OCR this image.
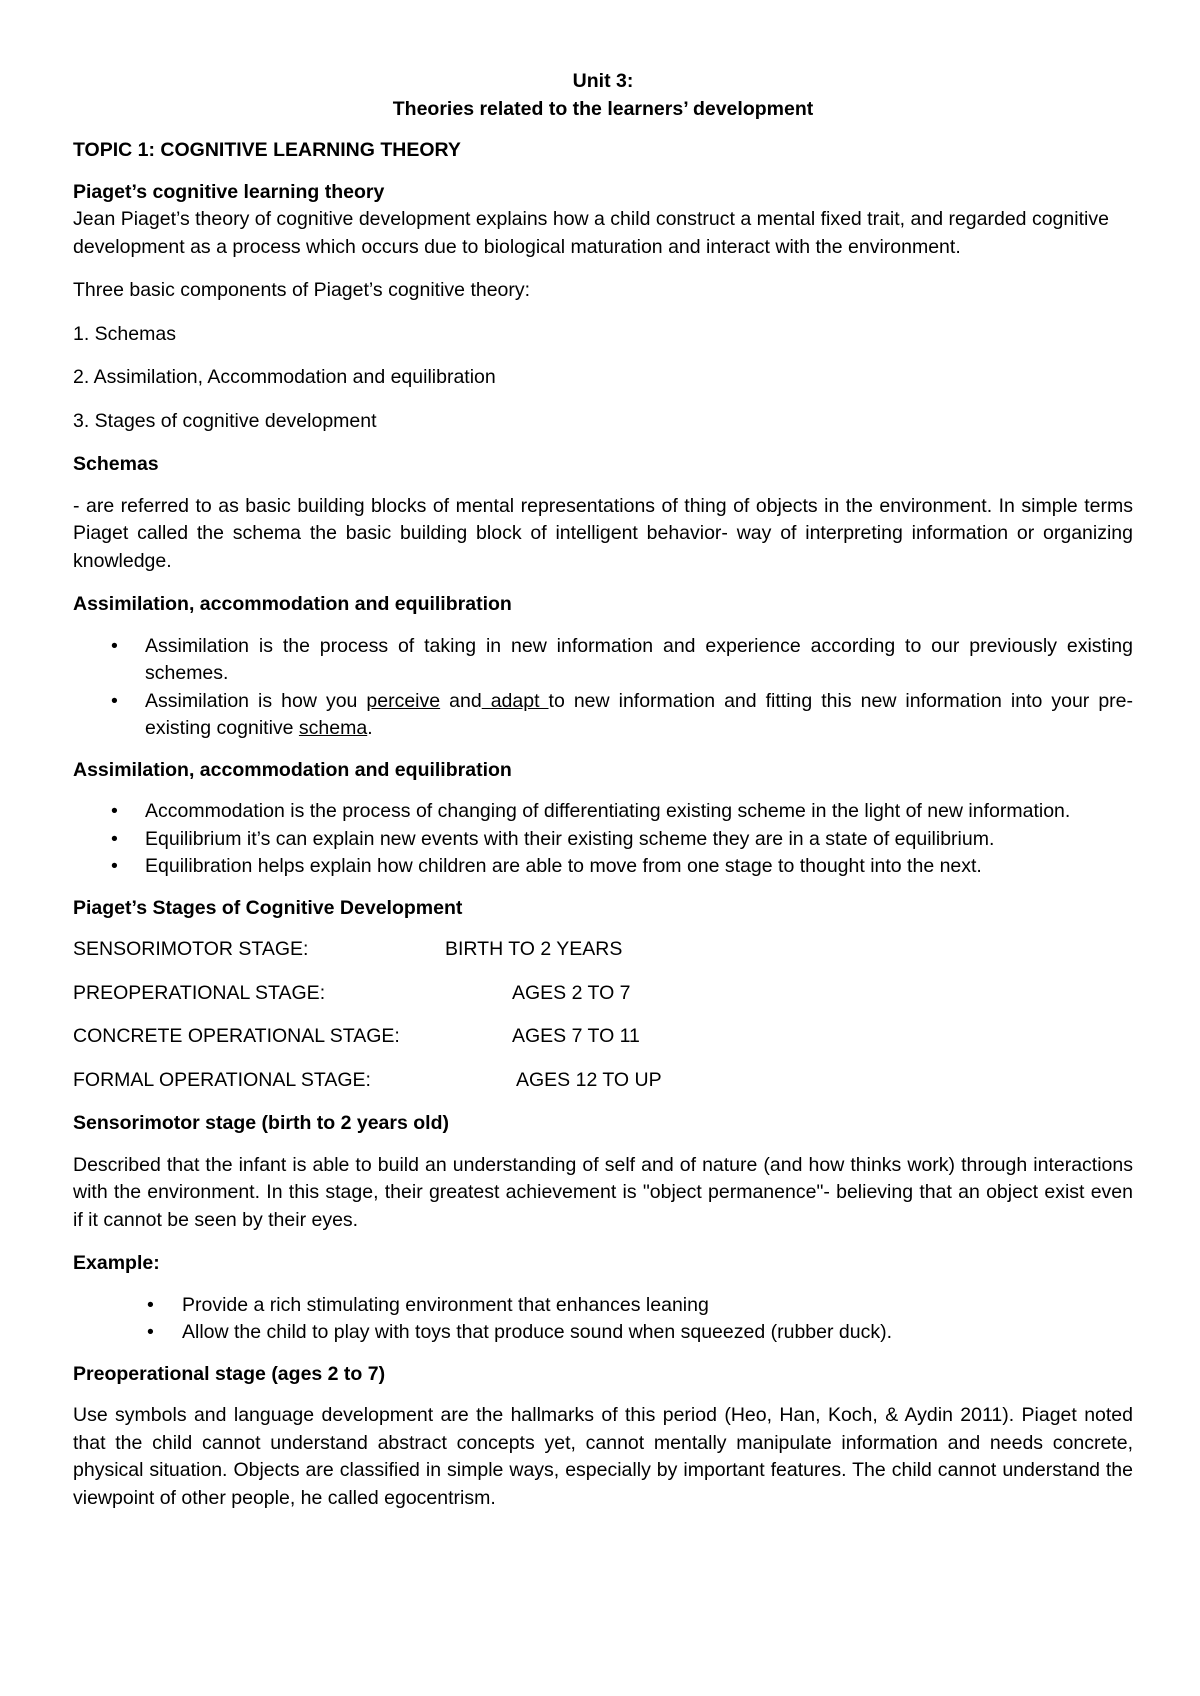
Unit 3:

Theories related to the learners’ development

TOPIC 1: COGNITIVE LEARNING THEORY

Piaget’s cognitive learning theory

Jean Piaget’s theory of cognitive development explains how a child construct a mental fixed trait, and regarded cognitive development as a process which occurs due to biological maturation and interact with the environment.

Three basic components of Piaget’s cognitive theory:

1. Schemas

2. Assimilation, Accommodation and equilibration

3. Stages of cognitive development

Schemas

- are referred to as basic building blocks of mental representations of thing of objects in the environment. In simple terms Piaget called the schema the basic building block of intelligent behavior- way of interpreting information or organizing knowledge.

Assimilation, accommodation and equilibration

• Assimilation is the process of taking in new information and experience according to our previously existing schemes.
• Assimilation is how you perceive and adapt to new information and fitting this new information into your pre-existing cognitive schema.

Assimilation, accommodation and equilibration

• Accommodation is the process of changing of differentiating existing scheme in the light of new information.
• Equilibrium it’s can explain new events with their existing scheme they are in a state of equilibrium.
• Equilibration helps explain how children are able to move from one stage to thought into the next.

Piaget’s Stages of Cognitive Development

SENSORIMOTOR STAGE:	BIRTH TO 2 YEARS
PREOPERATIONAL STAGE:	AGES 2 TO 7
CONCRETE OPERATIONAL STAGE:	AGES 7 TO 11
FORMAL OPERATIONAL STAGE:	AGES 12 TO UP

Sensorimotor stage (birth to 2 years old)

Described that the infant is able to build an understanding of self and of nature (and how thinks work) through interactions with the environment. In this stage, their greatest achievement is "object permanence"- believing that an object exist even if it cannot be seen by their eyes.

Example:

• Provide a rich stimulating environment that enhances leaning
• Allow the child to play with toys that produce sound when squeezed (rubber duck).

Preoperational stage (ages 2 to 7)

Use symbols and language development are the hallmarks of this period (Heo, Han, Koch, & Aydin 2011). Piaget noted that the child cannot understand abstract concepts yet, cannot mentally manipulate information and needs concrete, physical situation. Objects are classified in simple ways, especially by important features. The child cannot understand the viewpoint of other people, he called egocentrism.
